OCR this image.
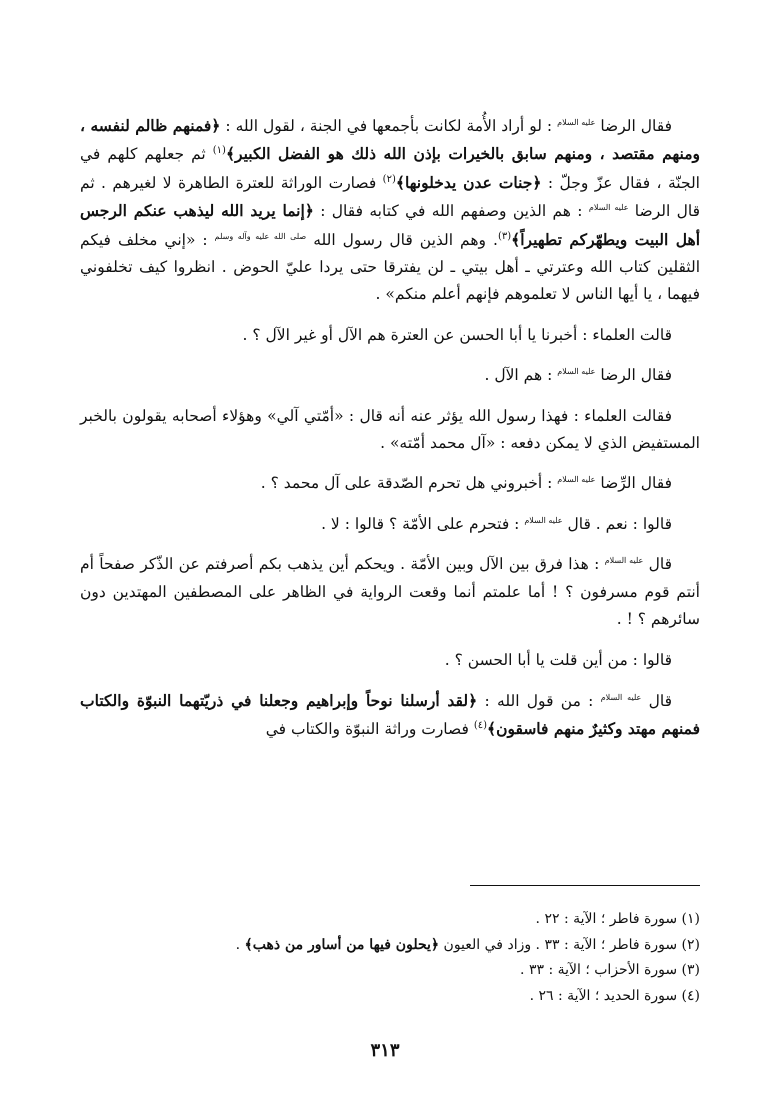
فقال الرضا $^{عليه السلام}$ : لو أراد الأُمة لكانت بأجمعها في الجنة ، لقول الله : ﴿فمنهم ظالم لنفسه ، ومنهم مقتصد ، ومنهم سابق بالخيرات بإذن الله ذلك هو الفضل الكبير﴾$^{(١)}$ ثم جعلهم كلهم في الجنّة ، فقال عزّ وجلّ : ﴿جنات عدن يدخلونها﴾$^{(٢)}$ فصارت الوراثة للعترة الطاهرة لا لغيرهم . ثم قال الرضا $^{عليه السلام}$ : هم الذين وصفهم الله في كتابه فقال : ﴿إنما يريد الله ليذهب عنكم الرجس أهل البيت ويطهّركم تطهيراً﴾$^{(٣)}$. وهم الذين قال رسول الله $^{صلى الله عليه وآله وسلم}$ : «إني مخلف فيكم الثقلين كتاب الله وعترتي ـ أهل بيتي ـ لن يفترقا حتى يردا عليّ الحوض . انظروا كيف تخلفوني فيهما ، يا أيها الناس لا تعلموهم فإنهم أعلم منكم» .

قالت العلماء : أخبرنا يا أبا الحسن عن العترة هم الآل أو غير الآل ؟ .

فقال الرضا $^{عليه السلام}$ : هم الآل .

فقالت العلماء : فهذا رسول الله يؤثر عنه أنه قال : «أمّتي آلي» وهؤلاء أصحابه يقولون بالخبر المستفيض الذي لا يمكن دفعه : «آل محمد أمّته» .

فقال الرِّضا $^{عليه السلام}$ : أخبروني هل تحرم الصّدقة على آل محمد ؟ .

قالوا : نعم . قال $^{عليه السلام}$ : فتحرم على الأمّة ؟ قالوا : لا .

قال $^{عليه السلام}$ : هذا فرق بين الآل وبين الأمّة . ويحكم أين يذهب بكم أصرفتم عن الذّكر صفحاً أم أنتم قوم مسرفون ؟ ! أما علمتم أنما وقعت الرواية في الظاهر على المصطفين المهتدين دون سائرهم ؟ ! .

قالوا : من أين قلت يا أبا الحسن ؟ .

قال $^{عليه السلام}$ : من قول الله : ﴿لقد أرسلنا نوحاً وإبراهيم وجعلنا في ذريّتهما النبوّة والكتاب فمنهم مهتد وكثيرٌ منهم فاسقون﴾$^{(٤)}$ فصارت وراثة النبوّة والكتاب في

(١) سورة فاطر ؛ الآية : ٢٢ .
(٢) سورة فاطر ؛ الآية : ٣٣ . وزاد في العيون ﴿يحلون فيها من أساور من ذهب﴾ .
(٣) سورة الأحزاب ؛ الآية : ٣٣ .
(٤) سورة الحديد ؛ الآية : ٢٦ .
٣١٣
